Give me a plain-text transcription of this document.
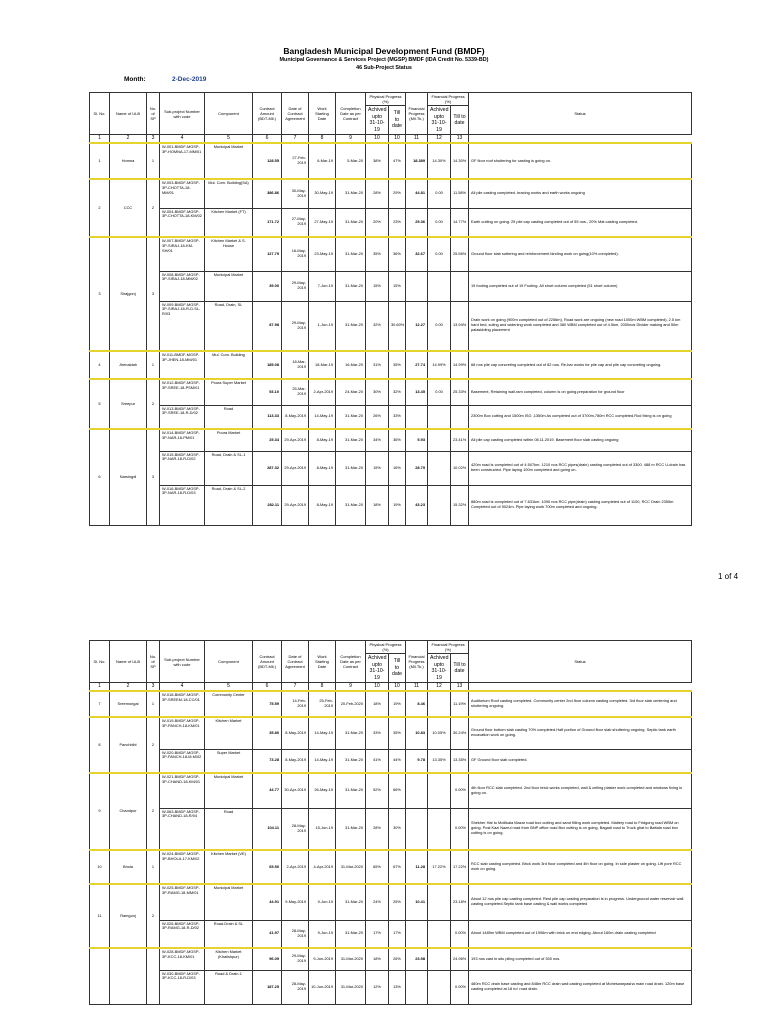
Bangladesh Municipal Development Fund (BMDF)
Municipal Governance & Services Project (MGSP) BMDF (IDA Credit No. 5339-BD)
46 Sub-Project Status
Month:	2-Dec-2019
Sl. No.	Name of ULB	No. of SP	Sub-project Number with code	Component	Contract Amount (BDT-Mil.)	Date of Contract Agreement	Work Starting Date	Completion Date as per Contract	Physical Progress (%)		Financial Progress (Mil.Tk.)	Financial Progress (%)		Status
									Achived upto 31-10-19	Till to date		Achived upto 31-10-19	Till to date	
1	2	3	4	5	6	7	8	9	10	10	11	12	13	
1	Homna	1	W-001-BMDF-MGSP-3P-HOMNA-17-MM/01	Municipal Market	128.55	27-Feb-2019	6-Mar-19	5-Mar-20	38%	47%	18.389	14.30%	14.30%	GF floor roof shuttering for casting is going on.
2	CCC	2	W-003-BMDF-MGSP-3P-CHOTTA-18-MM/01	Mul. Com. Building(SA)	386.86	30-May-2019	30-May-19	31-Mar-20	28%	29%	44.81	0.00	11.58%	All pile casting completed. bracing works and earth works ongoing
			W-004-BMDF-MGSP-3P-CHOTTA-18-KM/02	Kitchen Market (FT)	171.72	27-May-2019	27-May-19	31-Mar-20	20%	23%	25.36	0.00	14.77%	Earth cutting on going. 25 pile cap casting completed out of 55 nos., 20% Mat casting completed.
3	Sirajgonj	3	W-007-BMDF-MGSP-3P-SIRAJ-18-KM-SH/01	Kitchen Market & S. House	127.79	16-May-2019	23-May-19	31-Mar-20	35%	36%	32.67	0.00	25.56%	Ground floor slab suttering and reinforcement binding work on going(10% completed).
			W-008-BMDF-MGSP-3P-SIRAJ-18-MM/02	Municipal Market	39.00	29-May-2019	7-Jun-19	31-Mar-20	15%	15%				19 footing completed out of 19 Footing. All short column completed (51 short column)
			W-009-BMDF-MGSP-3P-SIRAJ-18-R-D-SL-R/03	Road, Drain, SL	87.98	29-May-2019	1-Jun-19	31-Mar-20	32%	30.60%	12.27	0.00	13.94%	Drain work on going (900m completed out of 2256m), Road work are ongoing (new road 1000m WBM completed), 2.5 km hard bed, soling and widening work completed and 380 WBM completed out of 4.5km. 2000nos Divider making and 50m palasidding placement
4	Jhenaidah	1	W-011-BMDF-MGSP-3P-JHEN-18-MM/01	Mul. Com. Building	185.08	18-Mar-2019	18-Mar-19	16-Mar-20	31%	35%	27.74	14.99%	14.99%	68 nos pile cap concreting completed out of 82 nos. Re-bar works for pile cap and pile cap concreting ongoing.
5	Sreepur	2	W-012-BMDF-MGSP-3P-SREE-18-PSM/01	Poura Super Market	53.10	25-Mar-2019	2-Apr-2019	24-Mar-20	30%	32%	13.45	0.00	25.33%	Basement, Retaining wall,ram completed, column is on going.preparation for ground floor
			W-013-BMDF-MGSP-3P-SREE-18-R-D/02	Road	113.33	8-May-2019	14-May-19	31-Mar-20	26%	33%				2300m Box cutting and 1500m ISG ,1350m As completed out of 3700m,780m RCC completed,Rod fixing is on going
6	Narsingdi	3	W-014-BMDF-MGSP-3P-NAR-18-PM/01	Poura Market	25.34	29-Apr-2019	8-May-19	31-Mar-20	34%	36%	5.93		23.41%	All pile cap casting completed within 08.11.2019. Basement floor slab casting ongoing
			W-015-BMDF-MGSP-3P-NAR-18-R-D/02	Road, Drain & SL-1	287.32	29-Apr-2019	8-May-19	31-Mar-20	15%	16%	28.79		10.02%	420m road is completed out of 4.507km. 1210 nos RCC pipes(drain) casting completed out of 3300. 488 m RCC U-drain has been constructed. Pipe laying 100m completed and going on.
			W-016-BMDF-MGSP-3P-NAR-18-R-D/03	Road, Drain & SL-2	282.11	29-Apr-2019	8-May-19	31-Mar-20	18%	19%	43.23		15.32%	880m road is completed out of 7.631km. 1090 nos RCC pipe(drain) casting completed out of 1100, RCC Drain 2355m Completed out of 5024m. Pipe laying work 700m completed and ongoing.
1 of 4
Sl. No.	Name of ULB	No. of SP	Sub-project Number with code	Component	Contract Amount (BDT-Mil.)	Date of Contract Agreement	Work Starting Date	Completion Date as per Contract	Physical Progress (%)		Financial Progress (Mil.Tk.)	Financial Progress (%)		Status
									Achived upto 31-10-19	Till to date		Achived upto 31-10-19	Till to date	
1	2	3	4	5	6	7	8	9	10	10	11	12	13	
7	Sreemongal	1	W-018-BMDF-MGSP-3P-SREEM-18-CC/01	Community Center	75.59	14-Feb-2019	25-Feb-2019	20-Feb-2020	18%	19%	8.46		11.19%	Auditorium Roof casting completed. Community center 2nd floor column casting completed. 3rd floor slab centering and shuttering ongoing.
8	Panchbibi	2	W-019-BMDF-MGSP-3P-PANCH-18-KM/01	Kitchen Market	35.80	8-May-2019	14-May-19	31-Mar-20	33%	35%	10.83	10.05%	30.24%	Ground floor bottom slab casting 70% completed.Half portion of Ground floor slab shuttering ongoing. Septic tank earth excavation work on going.
			W-020-BMDF-MGSP-3P-PANCH-18-M.M/02	Super Market	73.28	8-May-2019	14-May-19	31-Mar-20	41%	44%	9.78	13.35%	13.35%	GF Ground floor slab completed.
9	Chandpur	2	W-021-BMDF-MGSP-3P-CHAND-18-KM/01	Municipal Market	44.77	30-Apr-2019	26-May-19	31-Mar-20	52%	66%			0.00%	4th floor RCC slab completed. 2nd floor brick works completed, wall & ceiling plaster work completed and windows fixing is going on.
			W-063-BMDF-MGSP-3P-CHAND-18-R/04	Road	104.11	28-May-2019	15-Jun-19	31-Mar-20	28%	30%			0.00%	Shekher Hat to Mollikala Mazar road box cutting and sand filling work completed. Maltery road to Fridgong road WBM on going. Post Kazi Nazrul road from BNP office road Box cutting is on going. Bagadi road to Truck ghat to Battala road box cutting is on going.
10	Bhola	1	W-024-BMDF-MGSP-3P-BHOLA-17-KM/02	Kitchen Market (VE)	65.50	2-Apr-2019	4-Apr-2019	31-Mar-2020	65%	67%	11.28	17.22%	17.22%	RCC slab casting completed. Brick work 3rd floor completed and 4th floor on going. In side plaster on going. Lift pore RCC work on going.
11	Ramgonj	2	W-025-BMDF-MGSP-3P-RAMG-18-MM/01	Municipal Market	44.91	9-May-2019	9-Jun-19	31-Mar-20	24%	25%	10.41		23.18%	About 12 nos pile cap casting completed. Rest pile cap casting preparation is in progress. Underground water reservoir wall casting completed.Septic tank base casting & wall works completed
			W-026-BMDF-MGSP-3P-RAMG-18-R-D/02	Road-Drain & SL	41.97	28-May-2019	9-Jun-19	31-Mar-20	17%	17%			0.00%	About 1489m WBM completed out of 1906m with brick on end edging. About 160m drain casting completed
			W-028-BMDF-MGSP-3P-KCC-18-KM/01	Kitchen Market (Khalishpur)	96.09	29-May-2019	9-Jun-2019	31-Mar-2020	18%	26%	23.98		24.96%	193 nos cast in situ piling completed out of 300 nos.
			W-030-BMDF-MGSP-3P-KCC-18-R-D/03	Road & Drain-1	187.25	28-May-2019	10-Jun-2019	31-Mar-2020	12%	13%			0.00%	480m RCC drain base casting and 848m RCC drain wall casting completed at Moheswarpasha main road drain. 120m base casting completed at 18 no' road drain.
